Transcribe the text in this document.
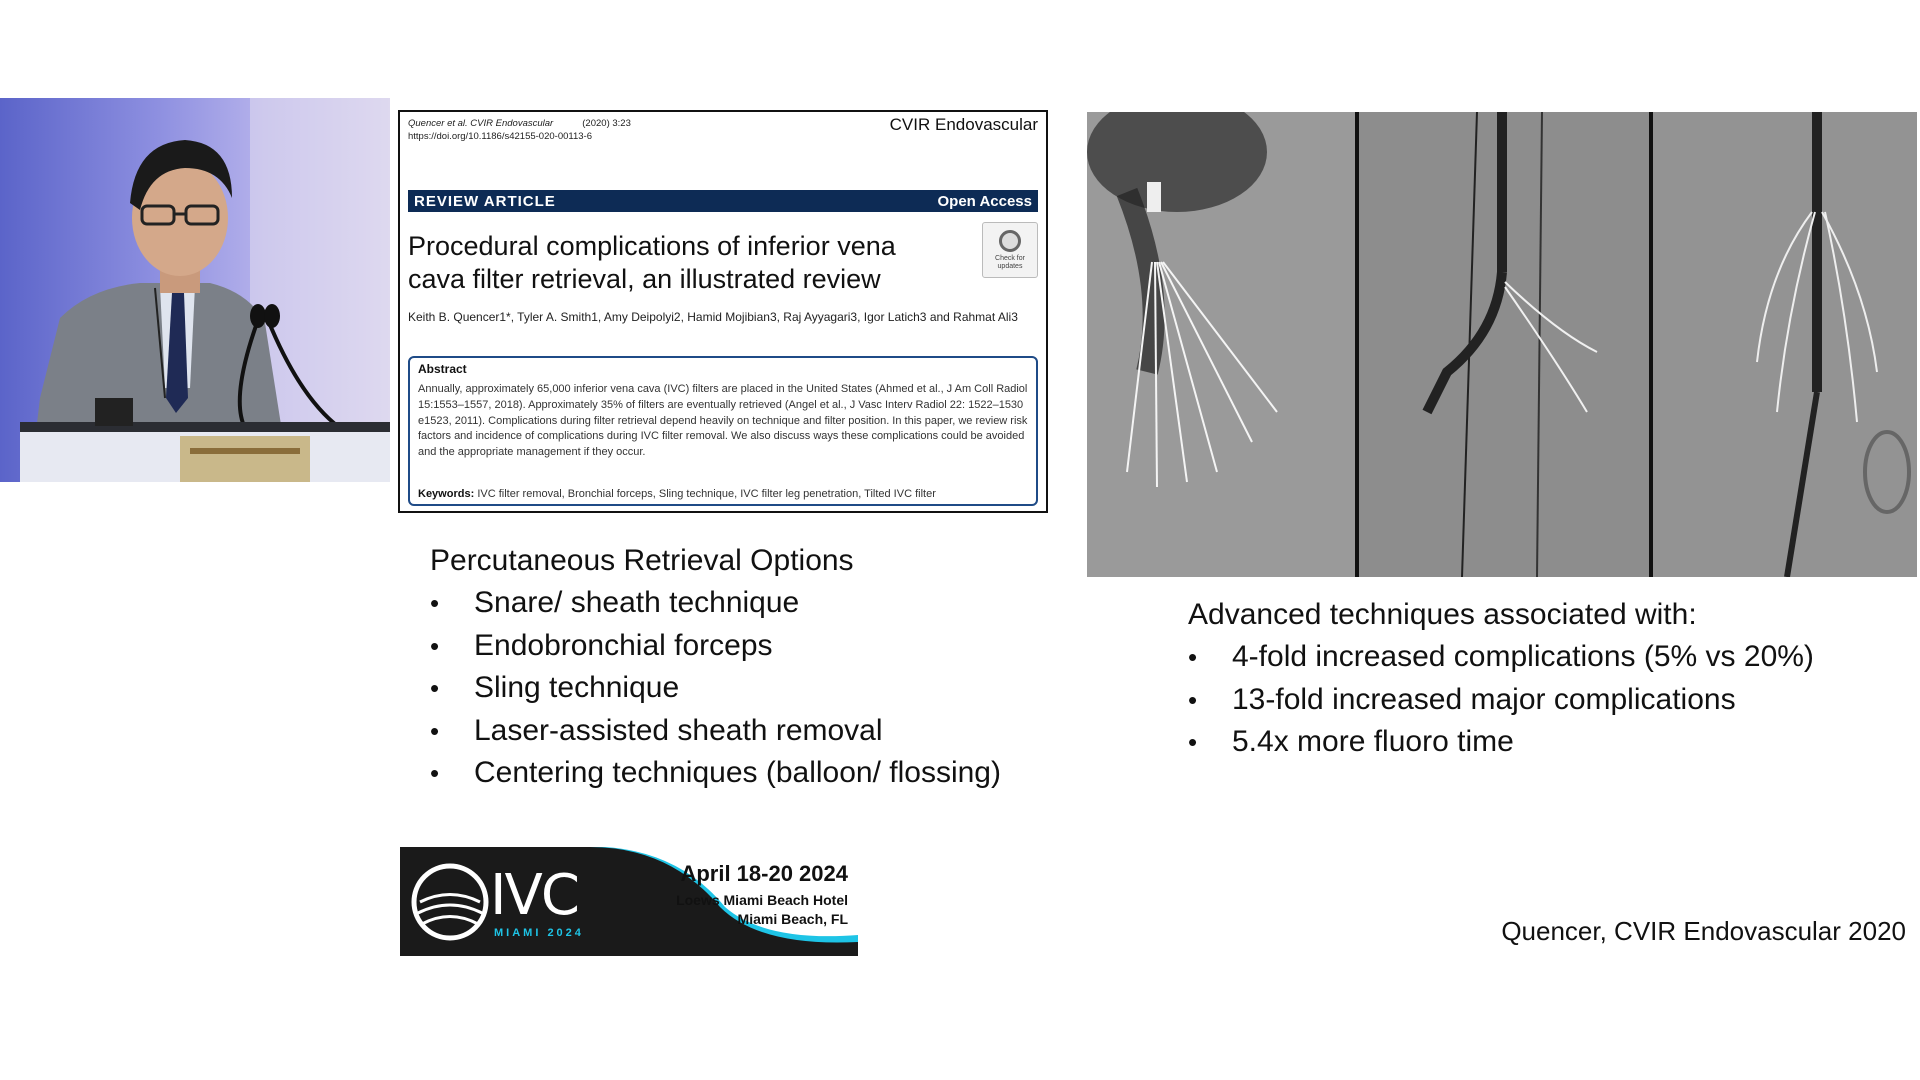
Quencer et al. CVIR Endovascular	(2020) 3:23
https://doi.org/10.1186/s42155-020-00113-6
CVIR Endovascular
REVIEW ARTICLE	Open Access
Procedural complications of inferior vena cava filter retrieval, an illustrated review
Check for updates
Keith B. Quencer1*, Tyler A. Smith1, Amy Deipolyi2, Hamid Mojibian3, Raj Ayyagari3, Igor Latich3 and Rahmat Ali3
Abstract
Annually, approximately 65,000 inferior vena cava (IVC) filters are placed in the United States (Ahmed et al., J Am Coll Radiol 15:1553–1557, 2018). Approximately 35% of filters are eventually retrieved (Angel et al., J Vasc Interv Radiol 22: 1522–1530 e1523, 2011). Complications during filter retrieval depend heavily on technique and filter position. In this paper, we review risk factors and incidence of complications during IVC filter removal. We also discuss ways these complications could be avoided and the appropriate management if they occur.
Keywords: IVC filter removal, Bronchial forceps, Sling technique, IVC filter leg penetration, Tilted IVC filter
Percutaneous Retrieval Options
• Snare/ sheath technique
• Endobronchial forceps
• Sling technique
• Laser-assisted sheath removal
• Centering techniques (balloon/ flossing)
Advanced techniques associated with:
• 4-fold increased complications (5% vs 20%)
• 13-fold increased major complications
• 5.4x more fluoro time
IVC
MIAMI 2024
April 18-20 2024
Loews Miami Beach Hotel
Miami Beach, FL	Quencer, CVIR Endovascular 2020
